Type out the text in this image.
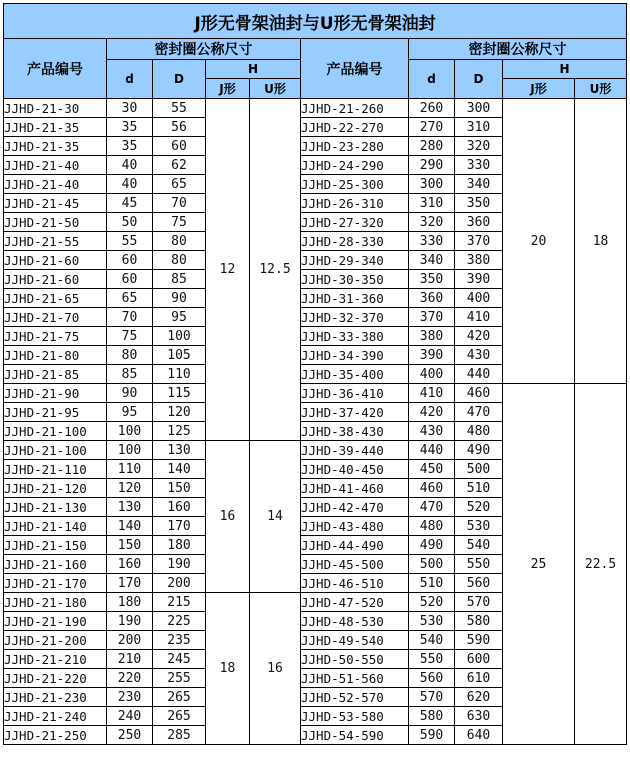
J形无骨架油封与U形无骨架油封									
产品编号	密封圈公称尺寸				产品编号	密封圈公称尺寸			
	d	D	H			d	D	H	
			J形	U形				J形	U形
JJHD-21-30	30	55	12	12.5	JJHD-21-260	260	300	20	18
JJHD-21-35	35	56			JJHD-22-270	270	310		
JJHD-21-35	35	60			JJHD-23-280	280	320		
JJHD-21-40	40	62			JJHD-24-290	290	330		
JJHD-21-40	40	65			JJHD-25-300	300	340		
JJHD-21-45	45	70			JJHD-26-310	310	350		
JJHD-21-50	50	75			JJHD-27-320	320	360		
JJHD-21-55	55	80			JJHD-28-330	330	370		
JJHD-21-60	60	80			JJHD-29-340	340	380		
JJHD-21-60	60	85			JJHD-30-350	350	390		
JJHD-21-65	65	90			JJHD-31-360	360	400		
JJHD-21-70	70	95			JJHD-32-370	370	410		
JJHD-21-75	75	100			JJHD-33-380	380	420		
JJHD-21-80	80	105			JJHD-34-390	390	430		
JJHD-21-85	85	110			JJHD-35-400	400	440		
JJHD-21-90	90	115			JJHD-36-410	410	460	25	22.5
JJHD-21-95	95	120			JJHD-37-420	420	470		
JJHD-21-100	100	125			JJHD-38-430	430	480		
JJHD-21-100	100	130	16	14	JJHD-39-440	440	490		
JJHD-21-110	110	140			JJHD-40-450	450	500		
JJHD-21-120	120	150			JJHD-41-460	460	510		
JJHD-21-130	130	160			JJHD-42-470	470	520		
JJHD-21-140	140	170			JJHD-43-480	480	530		
JJHD-21-150	150	180			JJHD-44-490	490	540		
JJHD-21-160	160	190			JJHD-45-500	500	550		
JJHD-21-170	170	200			JJHD-46-510	510	560		
JJHD-21-180	180	215	18	16	JJHD-47-520	520	570		
JJHD-21-190	190	225			JJHD-48-530	530	580		
JJHD-21-200	200	235			JJHD-49-540	540	590		
JJHD-21-210	210	245			JJHD-50-550	550	600		
JJHD-21-220	220	255			JJHD-51-560	560	610		
JJHD-21-230	230	265			JJHD-52-570	570	620		
JJHD-21-240	240	265			JJHD-53-580	580	630		
JJHD-21-250	250	285			JJHD-54-590	590	640		
